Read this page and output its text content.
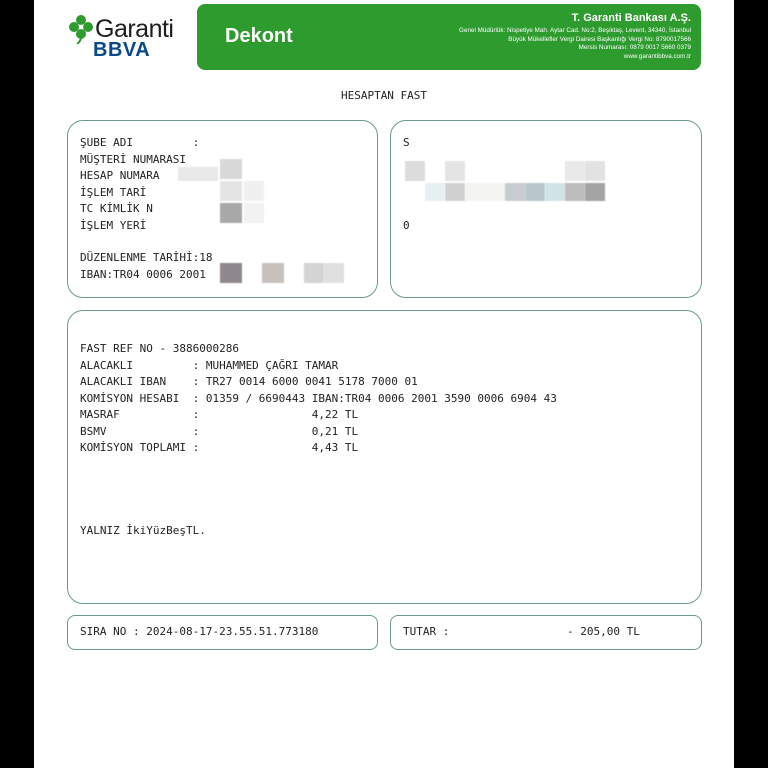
Garanti
BBVA
Dekont
T. Garanti Bankası A.Ş.
Genel Müdürlük: Nispetiye Mah. Aytar Cad. No:2, Beşiktaş, Levent, 34340, İstanbul
Büyük Mükellefler Vergi Dairesi Başkanlığı Vergi No: 8790017566
Mersis Numarası: 0879 0017 5660 0379
www.garantibbva.com.tr
HESAPTAN FAST
ŞUBE ADI         :
MÜŞTERİ NUMARASI
HESAP NUMARA
İŞLEM TARİ
TC KİMLİK N
İŞLEM YERİ
DÜZENLENME TARİHİ:18
IBAN:TR04 0006 2001
S
0
FAST REF NO - 3886000286
ALACAKLI         : MUHAMMED ÇAĞRI TAMAR
ALACAKLI IBAN    : TR27 0014 6000 0041 5178 7000 01
KOMİSYON HESABI  : 01359 / 6690443 IBAN:TR04 0006 2001 3590 0006 6904 43
MASRAF           :                 4,22 TL
BSMV             :                 0,21 TL
KOMİSYON TOPLAMI :                 4,43 TL
YALNIZ İkiYüzBeşTL.
SIRA NO : 2024-08-17-23.55.51.773180	TUTAR :	- 205,00 TL
